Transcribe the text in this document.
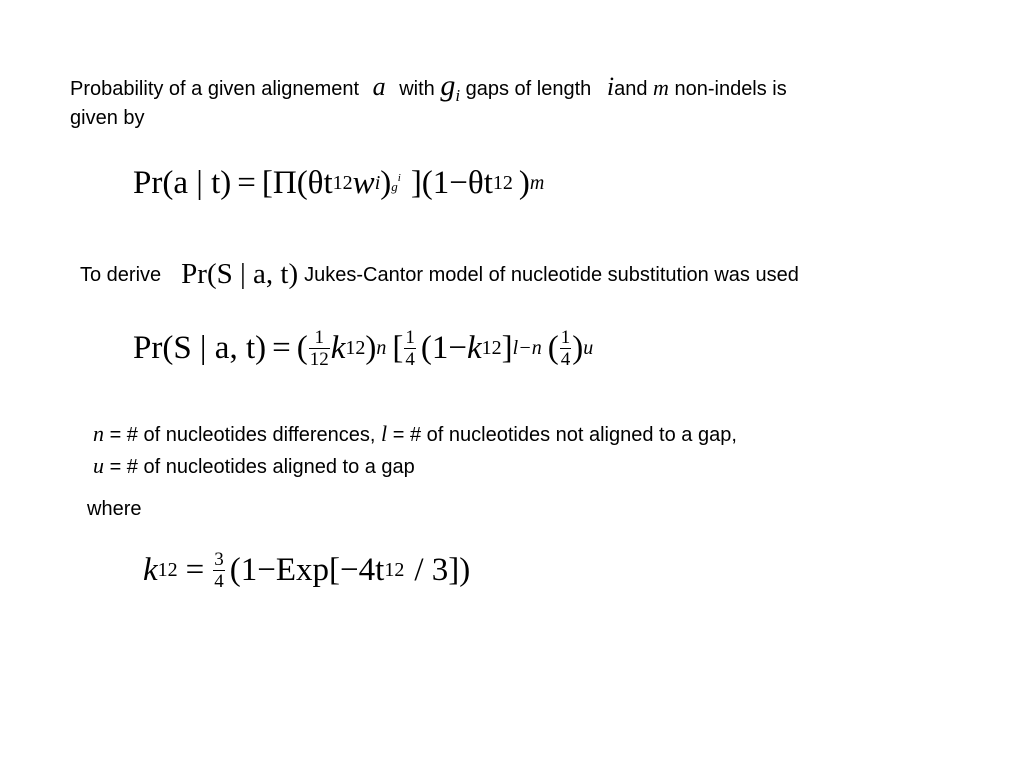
Probability of a given alignement a with $g_i$ gaps of length iand m non-indels is
given by
Pr(a | t) = [Π(θt 12 w i ) $g^i$ ](1−θt 12 ) m
To derive Pr(S | a, t) Jukes-Cantor model of nucleotide substitution was used
Pr(S | a, t) = ( $\frac{1}{12}$ k 12 ) n [ $\frac{1}{4} (1- k$ 12 ] l−n ( $\frac{1}{4}$ ) u
n = # of nucleotides differences, l = # of nucleotides not aligned to a gap,
u = # of nucleotides aligned to a gap
where
k $12 = \frac{3}{4} (1-Exp[-4t$ 12 / 3])
